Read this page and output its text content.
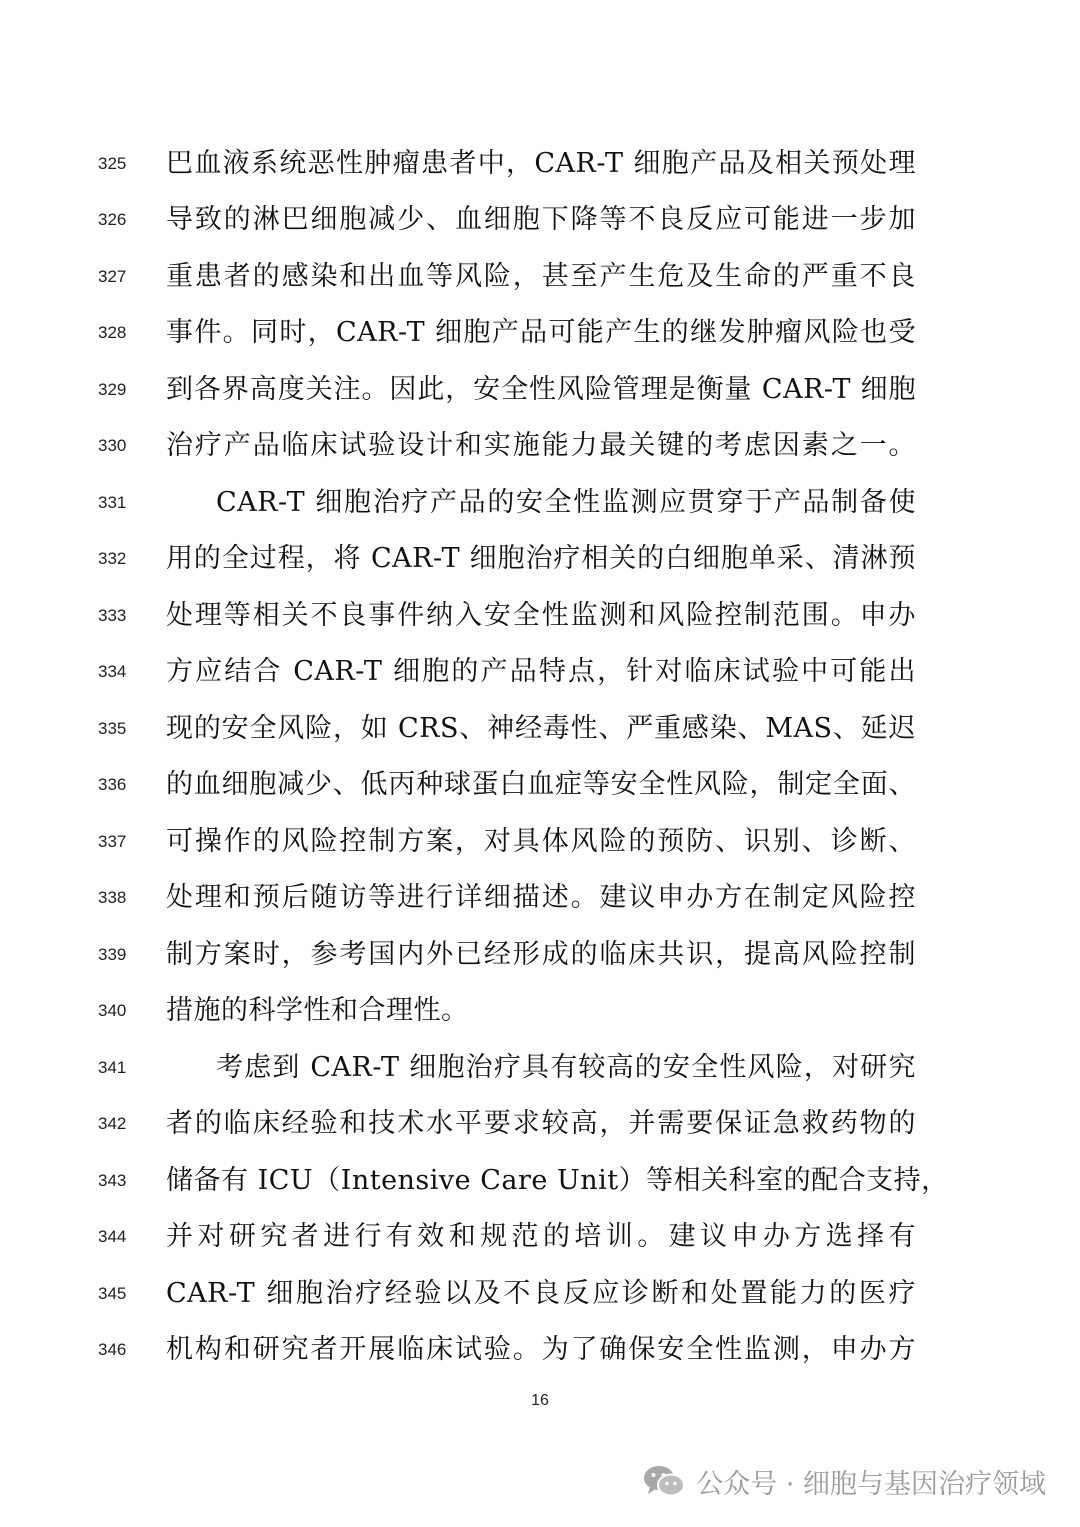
325	巴血液系统恶性肿瘤患者中，CAR-T 细胞产品及相关预处理
326	导致的淋巴细胞减少、血细胞下降等不良反应可能进一步加
327	重患者的感染和出血等风险，甚至产生危及生命的严重不良
328	事件。同时，CAR-T 细胞产品可能产生的继发肿瘤风险也受
329	到各界高度关注。因此，安全性风险管理是衡量 CAR-T 细胞
330	治疗产品临床试验设计和实施能力最关键的考虑因素之一。
331	CAR-T 细胞治疗产品的安全性监测应贯穿于产品制备使
332	用的全过程，将 CAR-T 细胞治疗相关的白细胞单采、清淋预
333	处理等相关不良事件纳入安全性监测和风险控制范围。申办
334	方应结合 CAR-T 细胞的产品特点，针对临床试验中可能出
335	现的安全风险，如 CRS、神经毒性、严重感染、MAS、延迟
336	的血细胞减少、低丙种球蛋白血症等安全性风险，制定全面、
337	可操作的风险控制方案，对具体风险的预防、识别、诊断、
338	处理和预后随访等进行详细描述。建议申办方在制定风险控
339	制方案时，参考国内外已经形成的临床共识，提高风险控制
340	措施的科学性和合理性。
341	考虑到 CAR-T 细胞治疗具有较高的安全性风险，对研究
342	者的临床经验和技术水平要求较高，并需要保证急救药物的
343	储备有 ICU（Intensive Care Unit）等相关科室的配合支持，
344	并对研究者进行有效和规范的培训。建议申办方选择有
345	CAR-T 细胞治疗经验以及不良反应诊断和处置能力的医疗
346	机构和研究者开展临床试验。为了确保安全性监测，申办方
16
公众号 · 细胞与基因治疗领域
